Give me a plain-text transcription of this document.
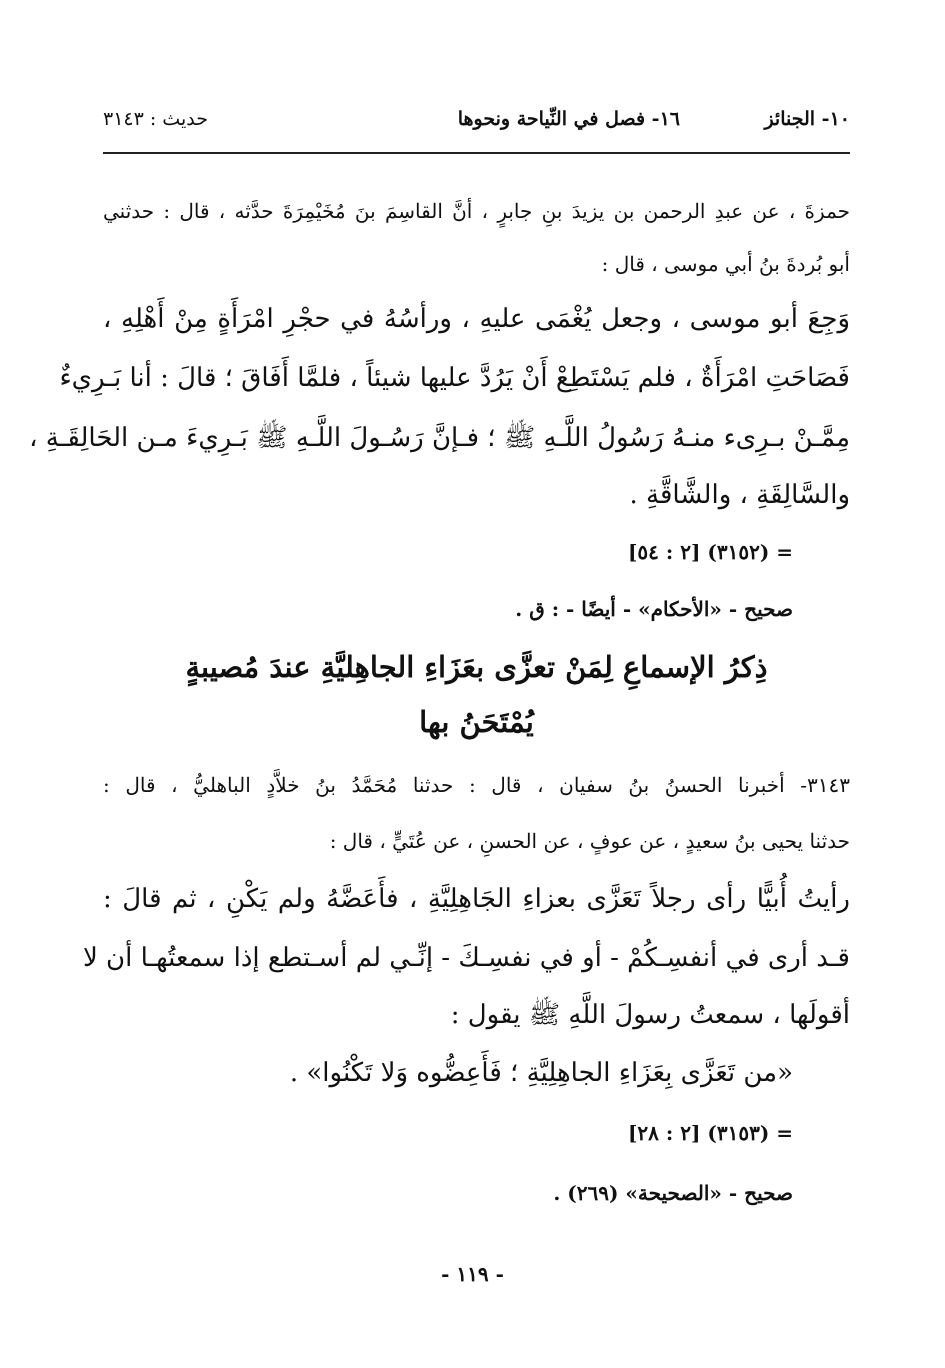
١٠- الجنائز
١٦- فصل في النِّياحة ونحوها
حديث : ٣١٤٣
حمزةَ ، عن عبدِ الرحمن بن يزيدَ بنِ جابرٍ ، أنَّ القاسِمَ بنَ مُخَيْمِرَةَ حدَّثه ، قال : حدثني
أبو بُردةَ بنُ أبي موسى ، قال :
وَجِعَ أبو موسى ، وجعل يُغْمَى عليهِ ، ورأسُهُ في حجْرِ امْرَأَةٍ مِنْ أَهْلِهِ ،
فَصَاحَتِ امْرَأَةٌ ، فلم يَسْتَطِعْ أَنْ يَرُدَّ عليها شيئاً ، فلمَّا أَفَاقَ ؛ قالَ : أنا بَـرِيءٌ
مِمَّـنْ بـرِىء منـهُ رَسُولُ اللَّـهِ ﷺ ؛ فـإنَّ رَسُـولَ اللَّـهِ ﷺ بَـرِيءَ مـن الحَالِقَـةِ ،
والسَّالِقَةِ ، والشَّاقَّةِ .
= (٣١٥٢) [٢ : ٥٤]
صحيح - «الأحكام» - أيضًا - : ق .
ذِكرُ الإسماعِ لِمَنْ تعزَّى بعَزَاءِ الجاهِليَّةِ عندَ مُصيبةٍ
يُمْتَحَنُ بها
٣١٤٣- أخبرنا الحسنُ بنُ سفيان ، قال : حدثنا مُحَمَّدُ بنُ خلاَّدٍ الباهليُّ ، قال :
حدثنا يحيى بنُ سعيدٍ ، عن عوفٍ ، عن الحسنِ ، عن عُتَيٍّ ، قال :
رأيتُ أُبيًّا رأى رجلاً تَعَزَّى بعزاءِ الجَاهِلِيَّةِ ، فأَعَضَّهُ ولم يَكْنِ ، ثم قالَ :
قـد أرى في أنفسِـكُمْ - أو في نفسِـكَ - إنِّـي لم أسـتطع إذا سمعتُهـا أن لا
أقولَها ، سمعتُ رسولَ اللَّهِ ﷺ يقول :
«من تَعَزَّى بِعَزَاءِ الجاهِلِيَّةِ ؛ فَأَعِضُّوه وَلا تَكْنُوا» .
= (٣١٥٣) [٢ : ٢٨]
صحيح - «الصحيحة» (٢٦٩) .
- ١١٩ -
